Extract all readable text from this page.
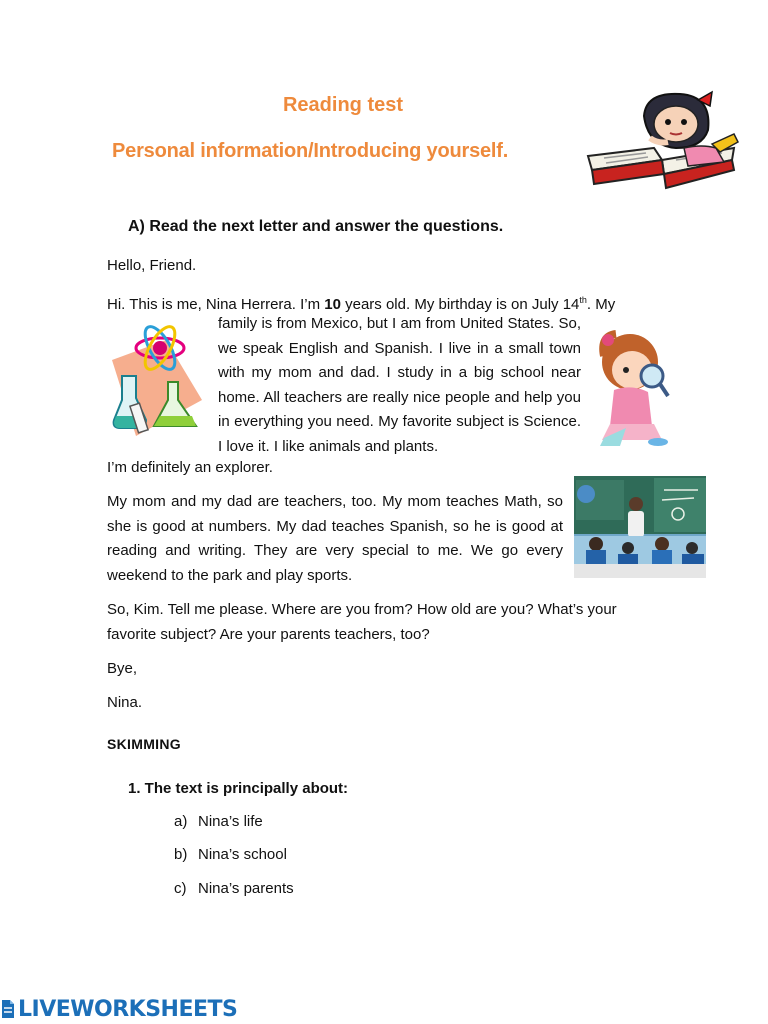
Reading test
Personal information/Introducing yourself.
A) Read the next letter and answer the questions.

Hello, Friend.

Hi. This is me, Nina Herrera. I’m 10 years old. My birthday is on July 14th. My

family is from Mexico, but I am from United States. So, we speak English and Spanish. I live in a small town with my mom and dad. I study in a big school near home. All teachers are really nice people and help you in everything you need. My favorite subject is Science. I love it. I like animals and plants.

I’m definitely an explorer.

My mom and my dad are teachers, too. My mom teaches Math, so she is good at numbers. My dad teaches Spanish, so he is good at reading and writing. They are very special to me. We go every weekend to the park and play sports.

So, Kim. Tell me please. Where are you from? How old are you? What’s your favorite subject? Are your parents teachers, too?

Bye,

Nina.

SKIMMING
1. The text is principally about:
a) Nina’s life
b) Nina’s school
c) Nina’s parents
LIVEWORKSHEETS
